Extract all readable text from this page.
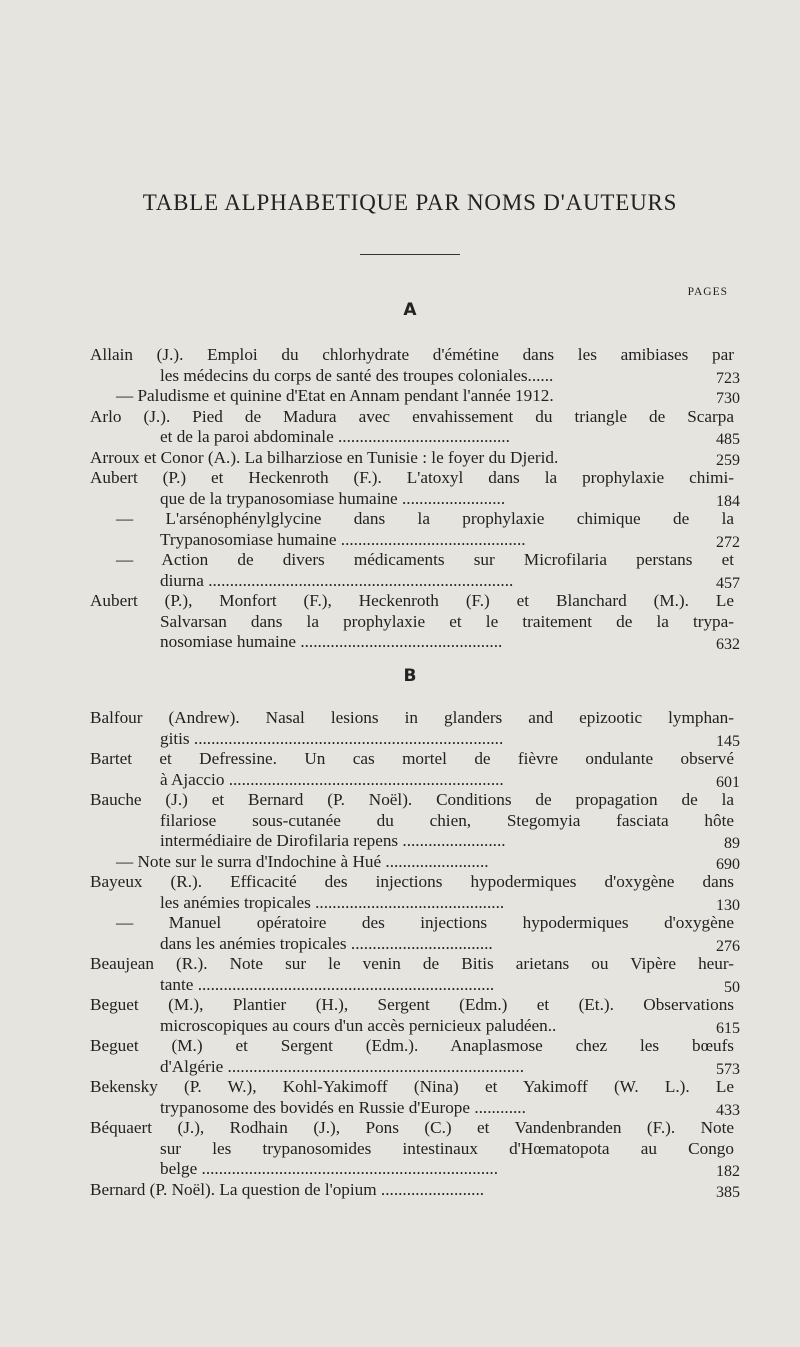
TABLE ALPHABETIQUE PAR NOMS D'AUTEURS
PAGES
A
Allain (J.). Emploi du chlorhydrate d'émétine dans les amibiases par
les médecins du corps de santé des troupes coloniales......	723
— Paludisme et quinine d'Etat en Annam pendant l'année 1912.	730
Arlo (J.). Pied de Madura avec envahissement du triangle de Scarpa
et de la paroi abdominale ........................................	485
Arroux et Conor (A.). La bilharziose en Tunisie : le foyer du Djerid.	259
Aubert (P.) et Heckenroth (F.). L'atoxyl dans la prophylaxie chimi-
que de la trypanosomiase humaine ........................	184
— L'arsénophénylglycine dans la prophylaxie chimique de la
Trypanosomiase humaine ...........................................	272
— Action de divers médicaments sur Microfilaria perstans et
diurna .......................................................................	457
Aubert (P.), Monfort (F.), Heckenroth (F.) et Blanchard (M.). Le
Salvarsan dans la prophylaxie et le traitement de la trypa-
nosomiase humaine ...............................................	632
B
Balfour (Andrew). Nasal lesions in glanders and epizootic lymphan-
gitis ........................................................................	145
Bartet et Defressine. Un cas mortel de fièvre ondulante observé
à Ajaccio ................................................................	601
Bauche (J.) et Bernard (P. Noël). Conditions de propagation de la
filariose sous-cutanée du chien, Stegomyia fasciata hôte
intermédiaire de Dirofilaria repens ........................	89
— Note sur le surra d'Indochine à Hué ........................	690
Bayeux (R.). Efficacité des injections hypodermiques d'oxygène dans
les anémies tropicales ............................................	130
— Manuel opératoire des injections hypodermiques d'oxygène
dans les anémies tropicales .................................	276
Beaujean (R.). Note sur le venin de Bitis arietans ou Vipère heur-
tante .....................................................................	50
Beguet (M.), Plantier (H.), Sergent (Edm.) et (Et.). Observations
microscopiques au cours d'un accès pernicieux paludéen..	615
Beguet (M.) et Sergent (Edm.). Anaplasmose chez les bœufs
d'Algérie .....................................................................	573
Bekensky (P. W.), Kohl-Yakimoff (Nina) et Yakimoff (W. L.). Le
trypanosome des bovidés en Russie d'Europe ............	433
Béquaert (J.), Rodhain (J.), Pons (C.) et Vandenbranden (F.). Note
sur les trypanosomides intestinaux d'Hœmatopota au Congo
belge .....................................................................	182
Bernard (P. Noël). La question de l'opium ........................	385
